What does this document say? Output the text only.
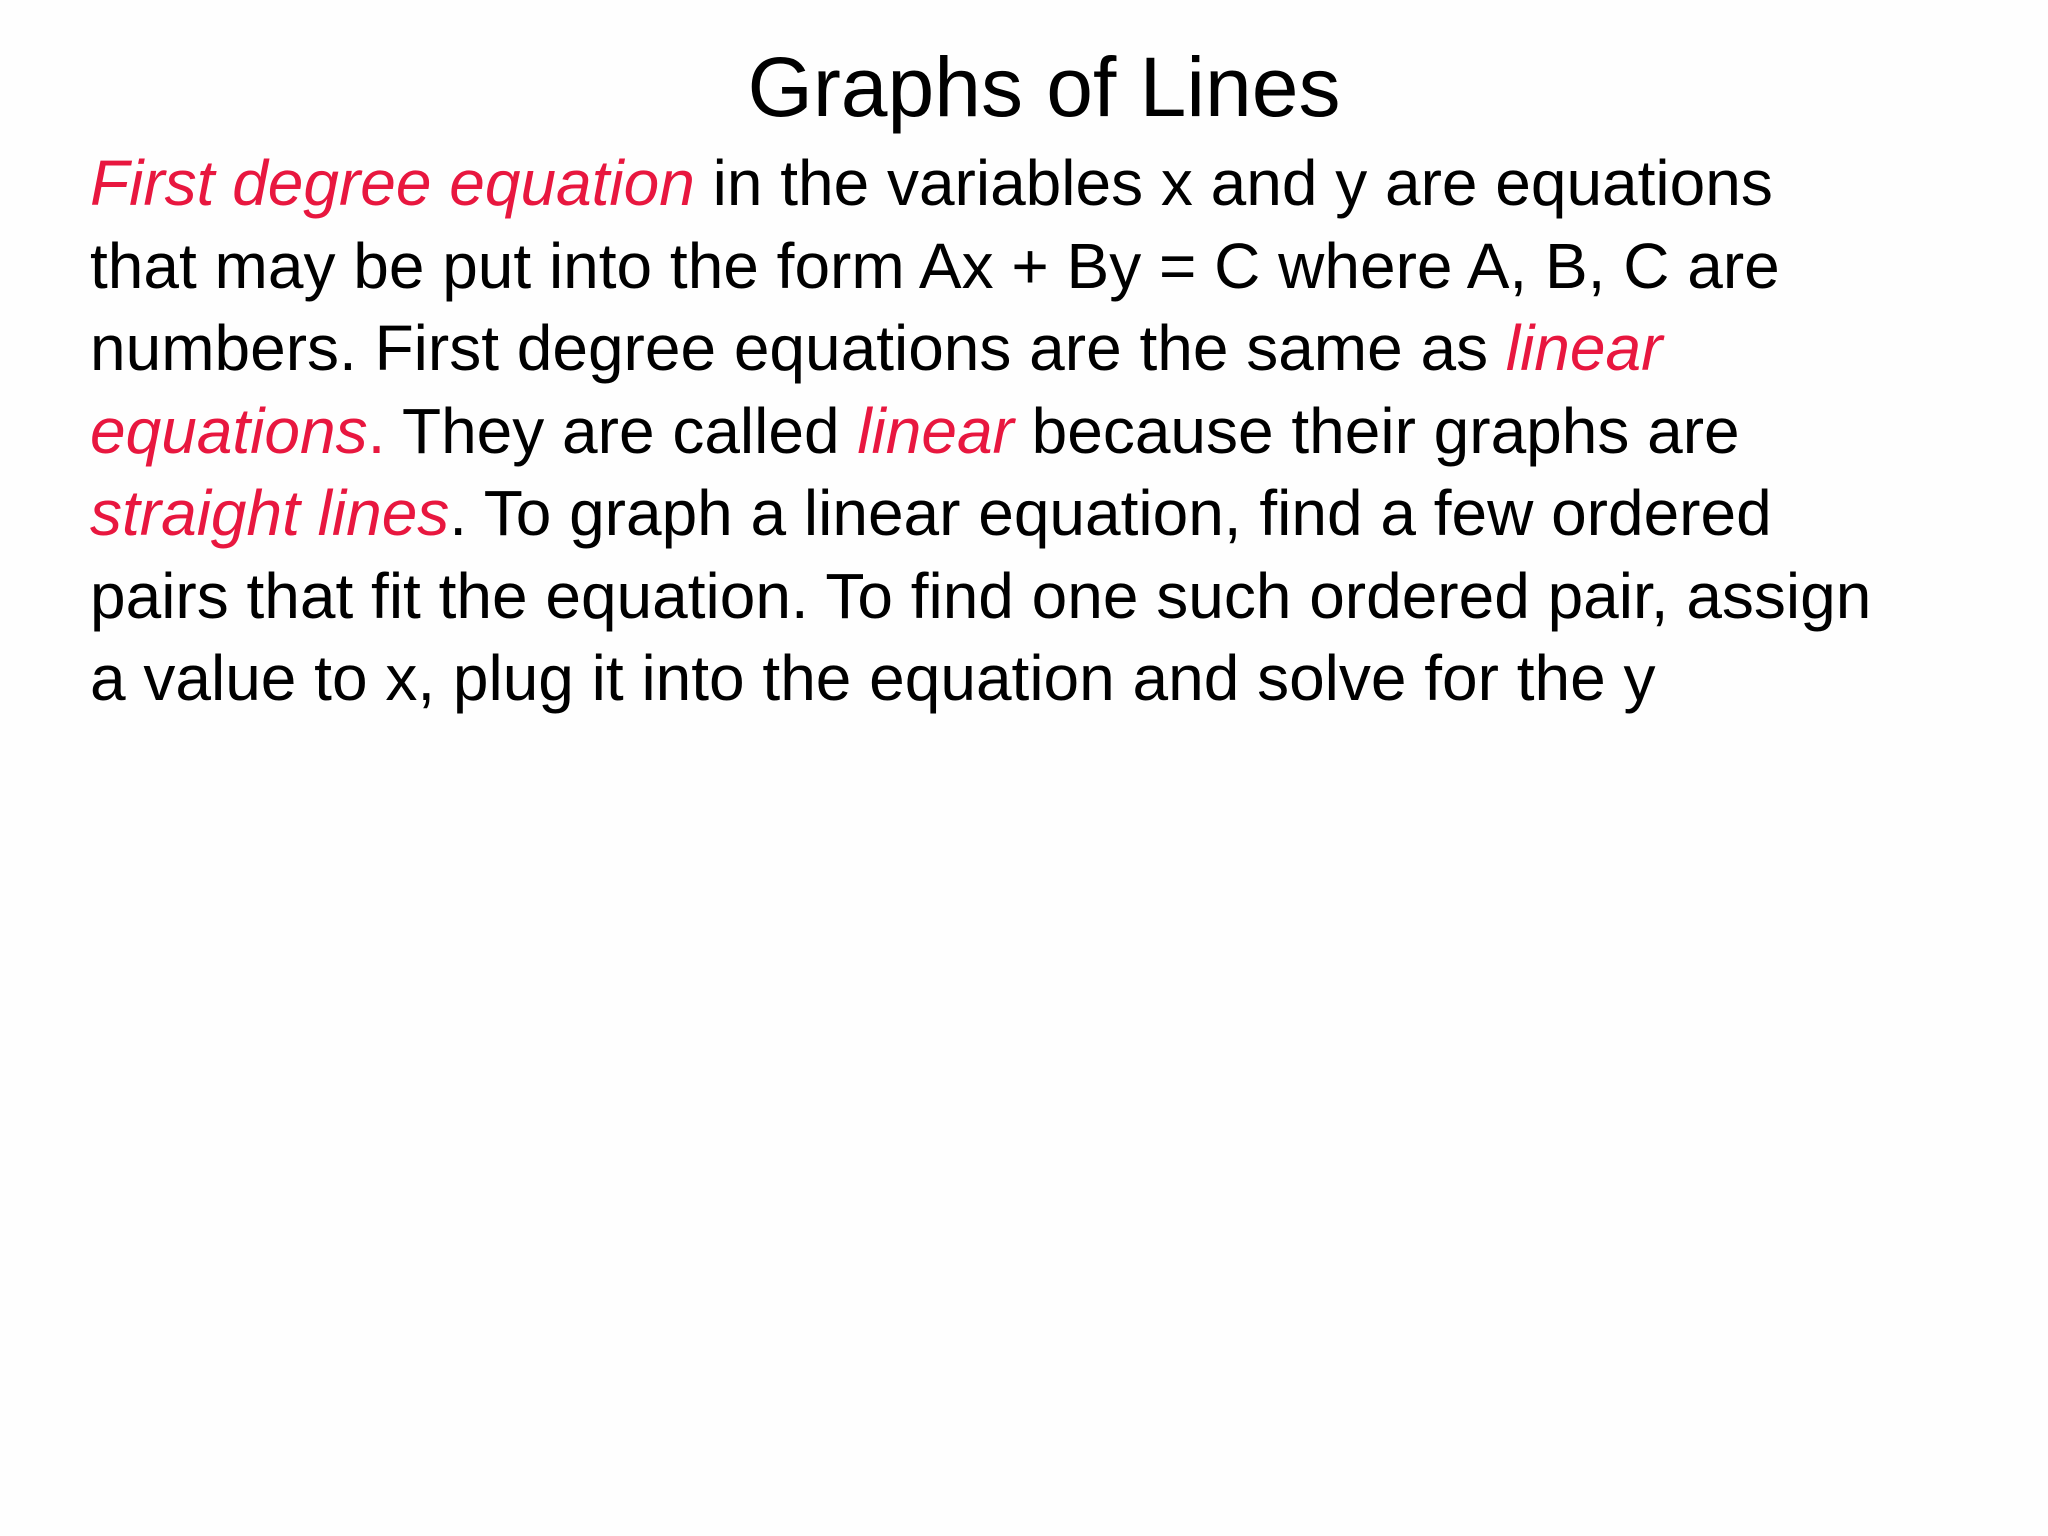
Graphs of Lines

First degree equation in the variables x and y are equations
that may be put into the form Ax + By = C where A, B, C are
numbers. First degree equations are the same as linear
equations. They are called linear because their graphs are
straight lines. To graph a linear equation, find a few ordered
pairs that fit the equation. To find one such ordered pair, assign
a value to x, plug it into the equation and solve for the y
